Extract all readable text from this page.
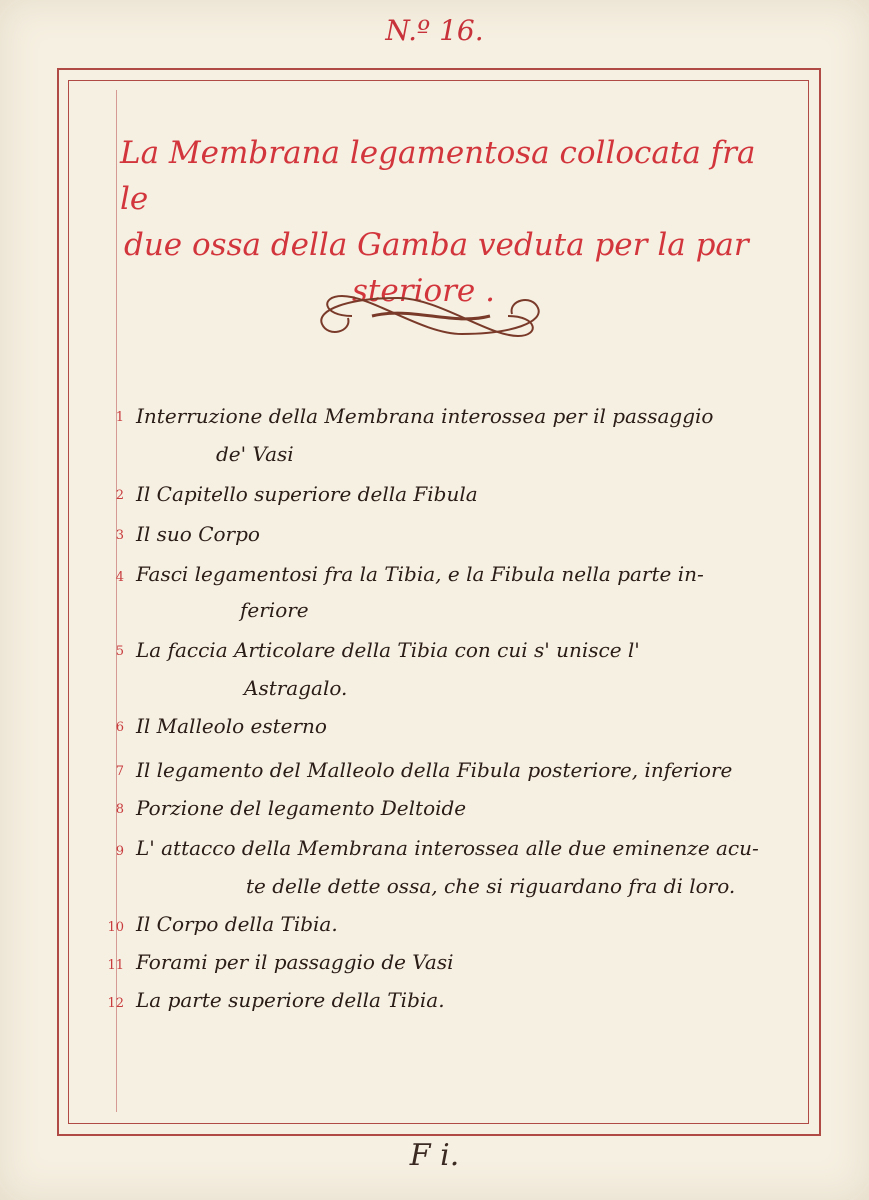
N.º 16.
La Membrana legamentosa collocata fra le
due ossa della Gamba veduta per la par
steriore .
1 Interruzione della Membrana interossea per il passaggio
de' Vasi
2 Il Capitello superiore della Fibula
3 Il suo Corpo
4 Fasci legamentosi fra la Tibia, e la Fibula nella parte in-
feriore
5 La faccia Articolare della Tibia con cui s' unisce l'
Astragalo.
6 Il Malleolo esterno
7 Il legamento del Malleolo della Fibula posteriore, inferiore
8 Porzione del legamento Deltoide
9 L' attacco della Membrana interossea alle due eminenze acu-
te delle dette ossa, che si riguardano fra di loro.
10 Il Corpo della Tibia.
11 Forami per il passaggio de Vasi
12 La parte superiore della Tibia.
F i.
